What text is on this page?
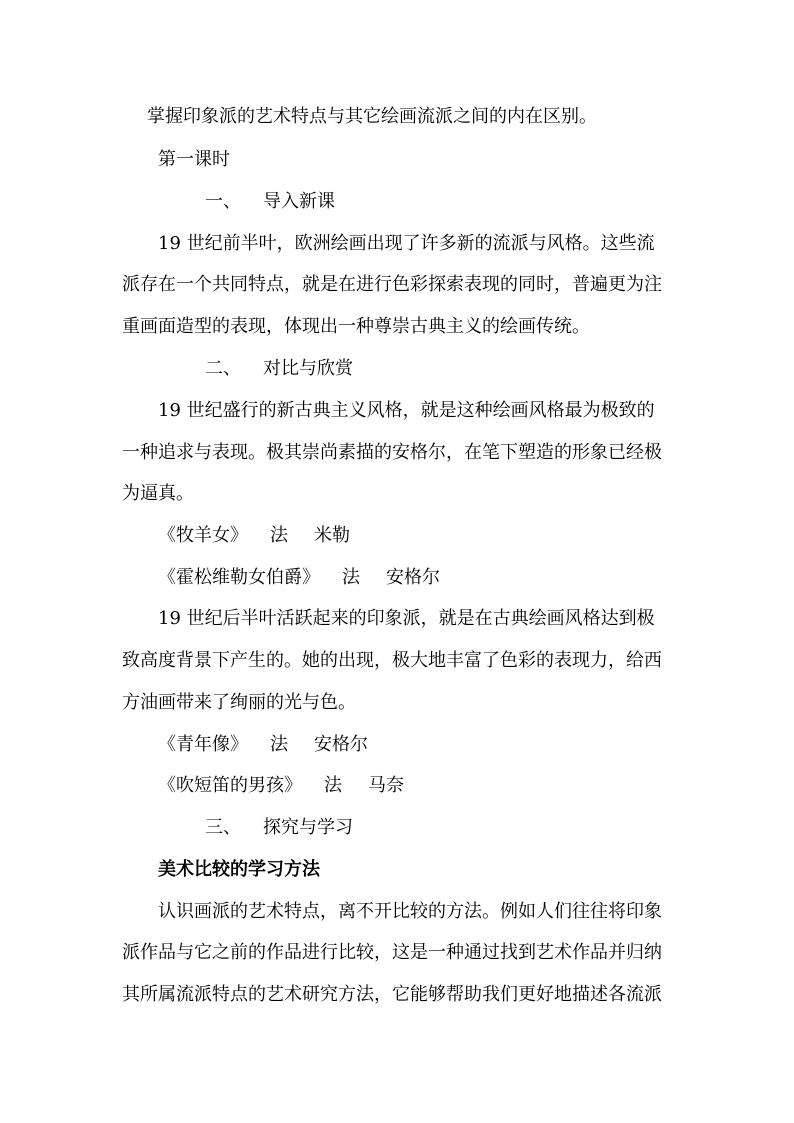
掌握印象派的艺术特点与其它绘画流派之间的内在区别。
第一课时
一、 导入新课
19 世纪前半叶，欧洲绘画出现了许多新的流派与风格。这些流
派存在一个共同特点，就是在进行色彩探索表现的同时，普遍更为注
重画面造型的表现，体现出一种尊崇古典主义的绘画传统。
二、 对比与欣赏
19 世纪盛行的新古典主义风格，就是这种绘画风格最为极致的
一种追求与表现。极其崇尚素描的安格尔，在笔下塑造的形象已经极
为逼真。
《牧羊女》 法 米勒
《霍松维勒女伯爵》 法 安格尔
19 世纪后半叶活跃起来的印象派，就是在古典绘画风格达到极
致高度背景下产生的。她的出现，极大地丰富了色彩的表现力，给西
方油画带来了绚丽的光与色。
《青年像》 法 安格尔
《吹短笛的男孩》 法 马奈
三、 探究与学习
美术比较的学习方法
认识画派的艺术特点，离不开比较的方法。例如人们往往将印象
派作品与它之前的作品进行比较，这是一种通过找到艺术作品并归纳
其所属流派特点的艺术研究方法，它能够帮助我们更好地描述各流派
